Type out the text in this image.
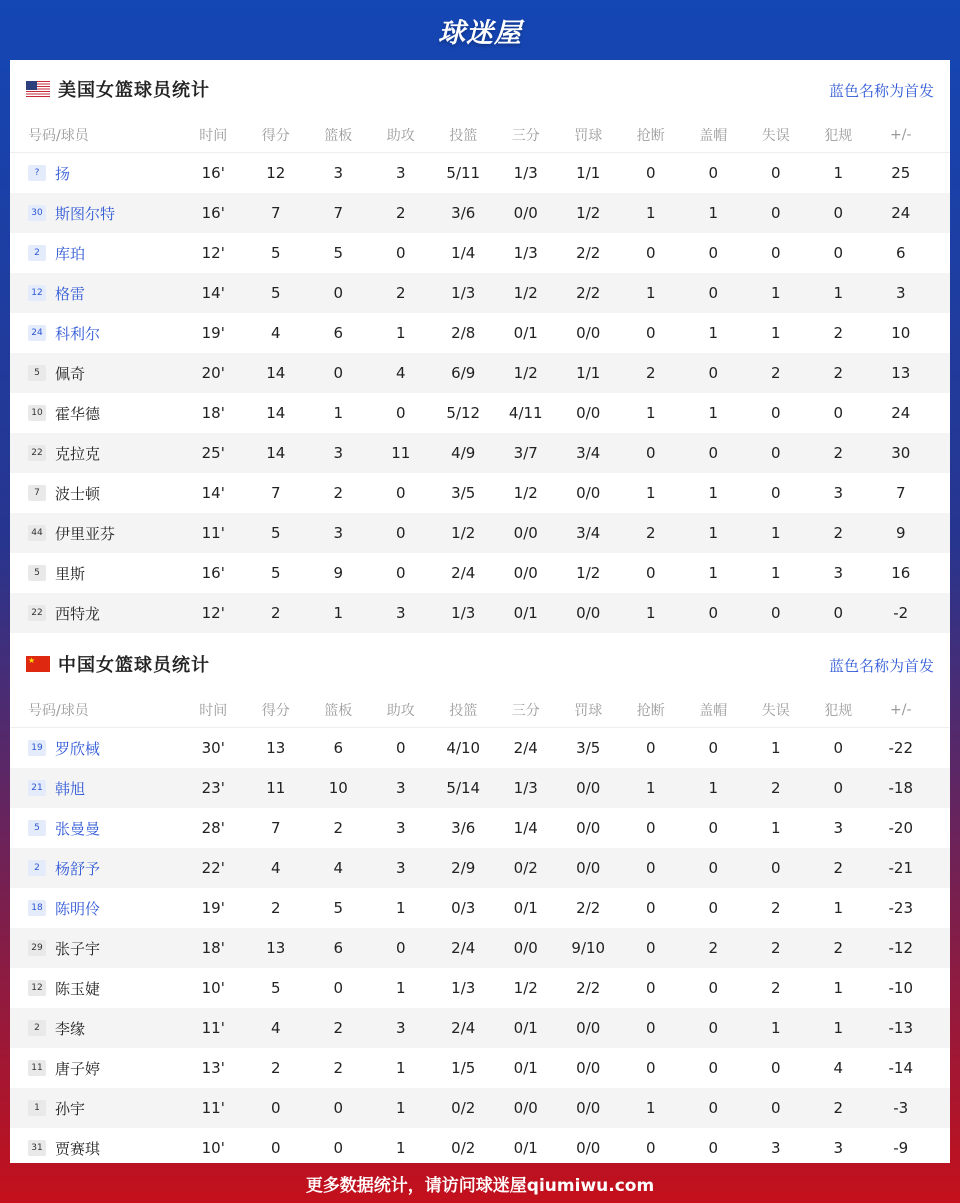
球迷屋
美国女篮球员统计	蓝色名称为首发
号码/球员	时间	得分	篮板	助攻	投篮	三分	罚球	抢断	盖帽	失误	犯规	+/-
?	扬	16'	12	3	3	5/11	1/3	1/1	0	0	0	1	25
30 斯图尔特	16'	7	7	2	3/6	0/0	1/2	1	1	0	0	24
2	库珀	12'	5	5	0	1/4	1/3	2/2	0	0	0	0	6
12 格雷	14'	5	0	2	1/3	1/2	2/2	1	0	1	1	3
24 科利尔	19'	4	6	1	2/8	0/1	0/0	0	1	1	2	10
5	佩奇	20'	14	0	4	6/9	1/2	1/1	2	0	2	2	13
10 霍华德	18'	14	1	0	5/12	4/11	0/0	1	1	0	0	24
22 克拉克	25'	14	3	11	4/9	3/7	3/4	0	0	0	2	30
7	波士顿	14'	7	2	0	3/5	1/2	0/0	1	1	0	3	7
44 伊里亚芬	11'	5	3	0	1/2	0/0	3/4	2	1	1	2	9
5	里斯	16'	5	9	0	2/4	0/0	1/2	0	1	1	3	16
22 西特龙	12'	2	1	3	1/3	0/1	0/0	1	0	0	0	-2
★ 中国女篮球员统计	蓝色名称为首发
号码/球员	时间	得分	篮板	助攻	投篮	三分	罚球	抢断	盖帽	失误	犯规	+/-
19 罗欣棫	30'	13	6	0	4/10	2/4	3/5	0	0	1	0	-22
21 韩旭	23'	11	10	3	5/14	1/3	0/0	1	1	2	0	-18
5	张曼曼	28'	7	2	3	3/6	1/4	0/0	0	0	1	3	-20
2	杨舒予	22'	4	4	3	2/9	0/2	0/0	0	0	0	2	-21
18 陈明伶	19'	2	5	1	0/3	0/1	2/2	0	0	2	1	-23
29 张子宇	18'	13	6	0	2/4	0/0	9/10	0	2	2	2	-12
12 陈玉婕	10'	5	0	1	1/3	1/2	2/2	0	0	2	1	-10
2	李缘	11'	4	2	3	2/4	0/1	0/0	0	0	1	1	-13
11 唐子婷	13'	2	2	1	1/5	0/1	0/0	0	0	0	4	-14
1	孙宇	11'	0	0	1	0/2	0/0	0/0	1	0	0	2	-3
31 贾赛琪	10'	0	0	1	0/2	0/1	0/0	0	0	3	3	-9
更多数据统计，请访问球迷屋qiumiwu.com
